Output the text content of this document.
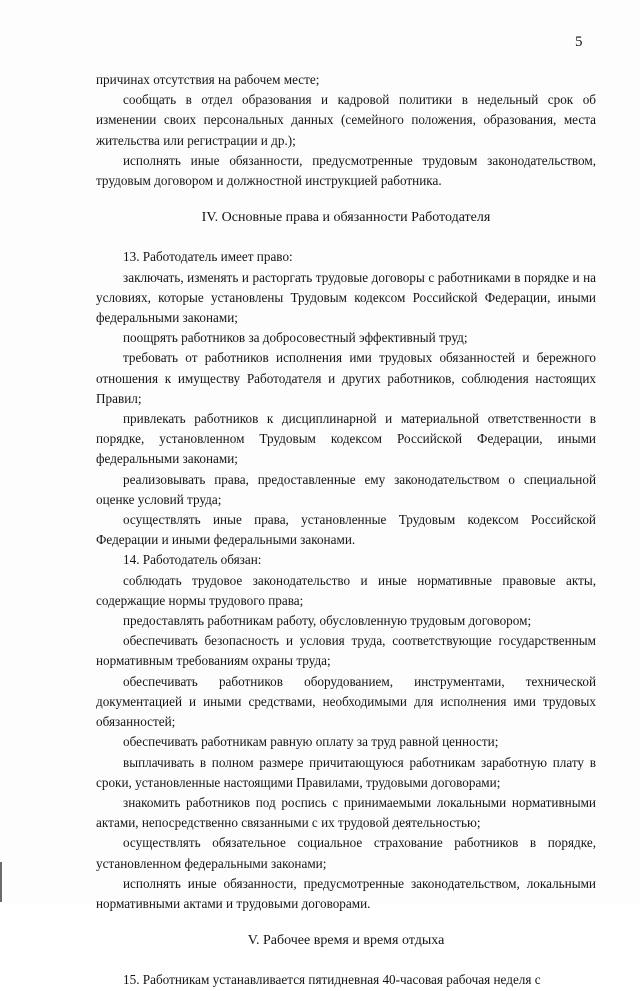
5

причинах отсутствия на рабочем месте;

сообщать в отдел образования и кадровой политики в недельный срок об изменении своих персональных данных (семейного положения, образования, места жительства или регистрации и др.);

исполнять иные обязанности, предусмотренные трудовым законодательством, трудовым договором и должностной инструкцией работника.

IV. Основные права и обязанности Работодателя

13. Работодатель имеет право:

заключать, изменять и расторгать трудовые договоры с работниками в порядке и на условиях, которые установлены Трудовым кодексом Российской Федерации, иными федеральными законами;

поощрять работников за добросовестный эффективный труд;

требовать от работников исполнения ими трудовых обязанностей и бережного отношения к имуществу Работодателя и других работников, соблюдения настоящих Правил;

привлекать работников к дисциплинарной и материальной ответственности в порядке, установленном Трудовым кодексом Российской Федерации, иными федеральными законами;

реализовывать права, предоставленные ему законодательством о специальной оценке условий труда;

осуществлять иные права, установленные Трудовым кодексом Российской Федерации и иными федеральными законами.

14. Работодатель обязан:

соблюдать трудовое законодательство и иные нормативные правовые акты, содержащие нормы трудового права;

предоставлять работникам работу, обусловленную трудовым договором;

обеспечивать безопасность и условия труда, соответствующие государственным нормативным требованиям охраны труда;

обеспечивать работников оборудованием, инструментами, технической документацией и иными средствами, необходимыми для исполнения ими трудовых обязанностей;

обеспечивать работникам равную оплату за труд равной ценности;

выплачивать в полном размере причитающуюся работникам заработную плату в сроки, установленные настоящими Правилами, трудовыми договорами;

знакомить работников под роспись с принимаемыми локальными нормативными актами, непосредственно связанными с их трудовой деятельностью;

осуществлять обязательное социальное страхование работников в порядке, установленном федеральными законами;

исполнять иные обязанности, предусмотренные законодательством, локальными нормативными актами и трудовыми договорами.

V. Рабочее время и время отдыха

15. Работникам устанавливается пятидневная 40-часовая рабочая неделя с
